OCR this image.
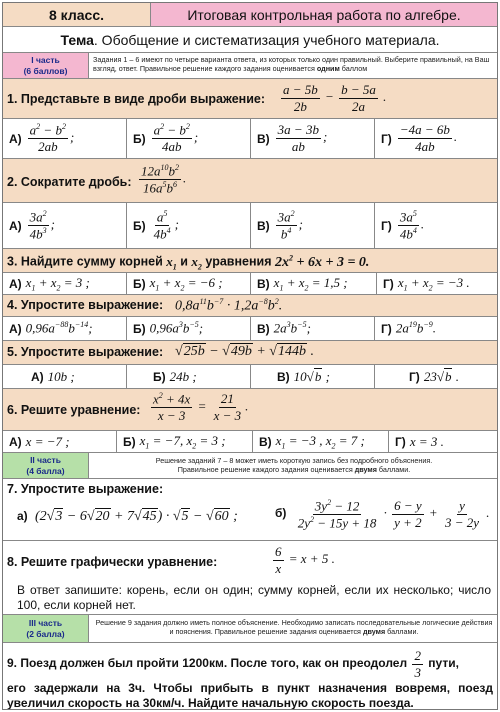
8 класс.	Итоговая контрольная работа по алгебре.
Тема . Обобщение и систематизация учебного материала.
I часть
(6 баллов)
Задания 1 – 6 имеют по четыре варианта ответа, из которых только один правильный. Выберите правильный, на Ваш взгляд, ответ. Правильное решение каждого задания оценивается одним баллом
1. Представьте в виде дроби выражение: $\frac{a - 5b}{2b} - \frac{b - 5a}{2a}$ .
$А) \frac{a^2 - b^2}{2ab}$ ;	$Б) \frac{a^2 - b^2}{4ab}$ ;	$В) \frac{3a - 3b}{ab}$ ;	$Г) \frac{-4a - 6b}{4ab}$ .
2. Сократите дробь: $\frac{12a^{10}b^2}{16a^5b^6}$ .
$А) \frac{3a^2}{4b^3}$ ;	$Б) \frac{a^5}{4b^4}$ ;	$В) \frac{3a^2}{b^4}$ ;	$Г) \frac{3a^5}{4b^4}$ .
3. Найдите сумму корней $x_1$ и $x_2$ уравнения $2x^2 + 6x + 3 = 0$.
А) $x_1 + x_2 = 3$ ;	Б) $x_1 + x_2 = -6$ ;	В) $x_1 + x_2 = 1,5$ ;	Г) $x_1 + x_2 = -3$ .
4. Упростите выражение: $0,8a^{11}b^{-7} \cdot 1,2a^{-8}b^2$.
А) $0,96a^{-88}b^{-14}$;	Б) $0,96a^3b^{-5}$;	В) $2a^3b^{-5}$;	Г) $2a^{19}b^{-9}$.
5. Упростите выражение: √25b − √49b + √144b .
А) 10b ;	Б) 24b ;	В) 10√b ;	Г) 23√b .
6. Решите уравнение: $\frac{x^2 + 4x}{x - 3} = \frac{21}{x - 3}$ .
А) x = −7 ;	Б) $x_1 = -7$, $x_2 = 3$ ;	В) $x_1 = -3$ , $x_2 = 7$ ;	Г) x = 3 .
II часть
(4 балла)
Решение заданий 7 – 8 может иметь короткую запись без подробного объяснения.
Правильное решение каждого задания оценивается двумя баллами.
7. Упростите выражение:
а) (2√3 − 6√20 + 7√45) · √5 − √60 ;	$б) \frac{3y^2 - 12}{2y^2 - 15y + 18} \cdot \frac{6 - y}{y + 2} + \frac{y}{3 - 2y}$ .
8. Решите графически уравнение:	$\frac{6}{x} = x + 5$ .
В ответ запишите: корень, если он один; сумму корней, если их несколько; число 100, если корней нет.
III часть
(2 балла)
Решение 9 задания должно иметь полное объяснение. Необходимо записать последовательные логические действия и пояснения. Правильное решение задания оценивается двумя баллами.
9. Поезд должен был пройти 1200км. После того, как он преодолел $\frac{2}{3}$ пути,
его задержали на 3ч. Чтобы прибыть в пункт назначения вовремя, поезд увеличил скорость на 30км/ч. Найдите начальную скорость поезда.
